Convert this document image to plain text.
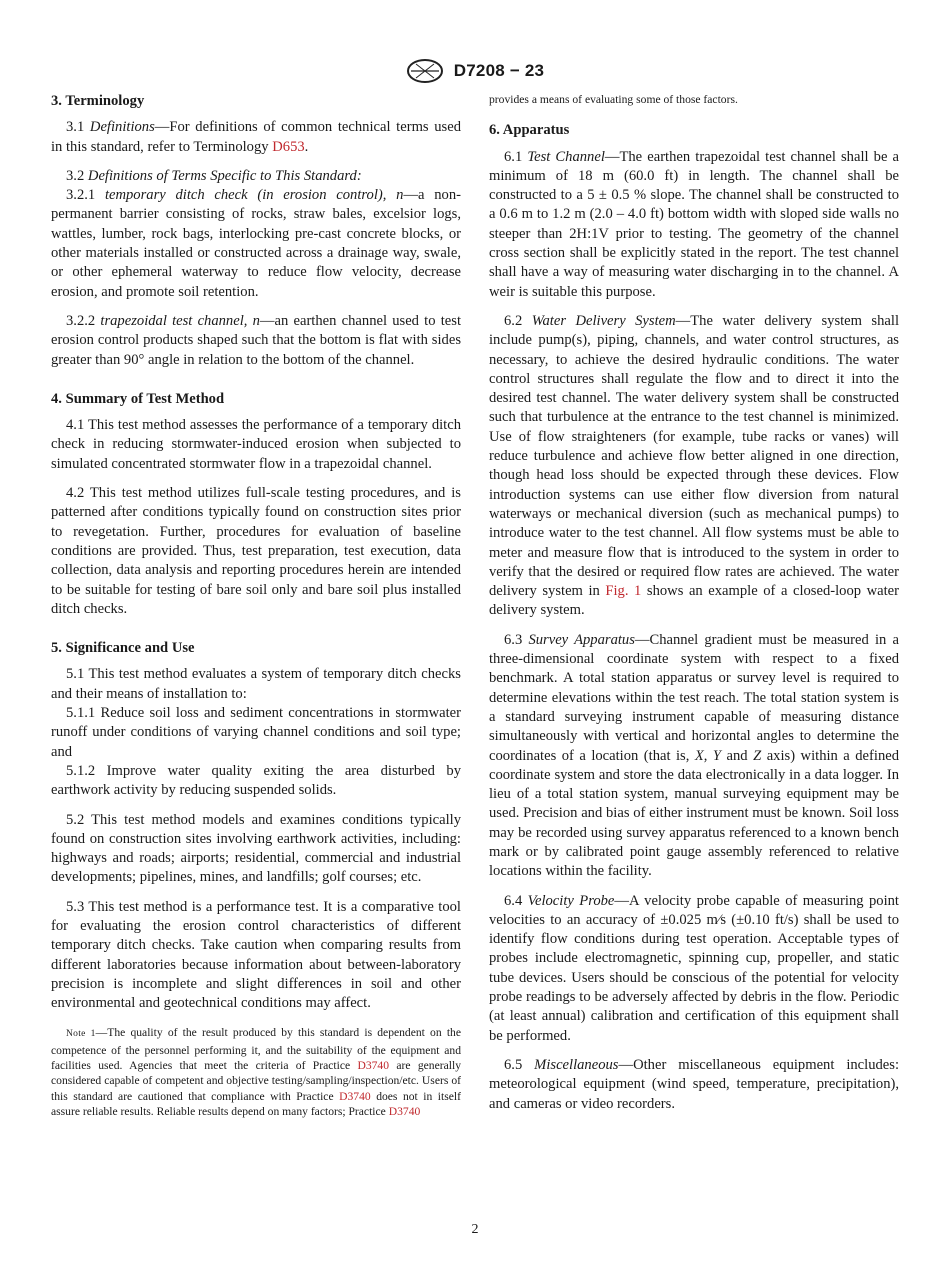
D7208 − 23
3. Terminology

3.1 Definitions—For definitions of common technical terms used in this standard, refer to Terminology D653.

3.2 Definitions of Terms Specific to This Standard:

3.2.1 temporary ditch check (in erosion control), n—a non-permanent barrier consisting of rocks, straw bales, excelsior logs, wattles, lumber, rock bags, interlocking pre-cast concrete blocks, or other materials installed or constructed across a drainage way, swale, or other ephemeral waterway to reduce flow velocity, decrease erosion, and promote soil retention.

3.2.2 trapezoidal test channel, n—an earthen channel used to test erosion control products shaped such that the bottom is flat with sides greater than 90° angle in relation to the bottom of the channel.

4. Summary of Test Method

4.1 This test method assesses the performance of a temporary ditch check in reducing stormwater-induced erosion when subjected to simulated concentrated stormwater flow in a trapezoidal channel.

4.2 This test method utilizes full-scale testing procedures, and is patterned after conditions typically found on construction sites prior to revegetation. Further, procedures for evaluation of baseline conditions are provided. Thus, test preparation, test execution, data collection, data analysis and reporting procedures herein are intended to be suitable for testing of bare soil only and bare soil plus installed ditch checks.

5. Significance and Use

5.1 This test method evaluates a system of temporary ditch checks and their means of installation to:

5.1.1 Reduce soil loss and sediment concentrations in stormwater runoff under conditions of varying channel conditions and soil type; and

5.1.2 Improve water quality exiting the area disturbed by earthwork activity by reducing suspended solids.

5.2 This test method models and examines conditions typically found on construction sites involving earthwork activities, including: highways and roads; airports; residential, commercial and industrial developments; pipelines, mines, and landfills; golf courses; etc.

5.3 This test method is a performance test. It is a comparative tool for evaluating the erosion control characteristics of different temporary ditch checks. Take caution when comparing results from different laboratories because information about between-laboratory precision is incomplete and slight differences in soil and other environmental and geotechnical conditions may affect.

Note 1—The quality of the result produced by this standard is dependent on the competence of the personnel performing it, and the suitability of the equipment and facilities used. Agencies that meet the criteria of Practice D3740 are generally considered capable of competent and objective testing/sampling/inspection/etc. Users of this standard are cautioned that compliance with Practice D3740 does not in itself assure reliable results. Reliable results depend on many factors; Practice D3740

provides a means of evaluating some of those factors.

6. Apparatus

6.1 Test Channel—The earthen trapezoidal test channel shall be a minimum of 18 m (60.0 ft) in length. The channel shall be constructed to a 5 ± 0.5 % slope. The channel shall be constructed to a 0.6 m to 1.2 m (2.0 – 4.0 ft) bottom width with sloped side walls no steeper than 2H:1V prior to testing. The geometry of the channel cross section shall be explicitly stated in the report. The test channel shall have a way of measuring water discharging in to the channel. A weir is suitable this purpose.

6.2 Water Delivery System—The water delivery system shall include pump(s), piping, channels, and water control structures, as necessary, to achieve the desired hydraulic conditions. The water control structures shall regulate the flow and to direct it into the desired test channel. The water delivery system shall be constructed such that turbulence at the entrance to the test channel is minimized. Use of flow straighteners (for example, tube racks or vanes) will reduce turbulence and achieve flow better aligned in one direction, though head loss should be expected through these devices. Flow introduction systems can use either flow diversion from natural waterways or mechanical diversion (such as mechanical pumps) to introduce water to the test channel. All flow systems must be able to meter and measure flow that is introduced to the system in order to verify that the desired or required flow rates are achieved. The water delivery system in Fig. 1 shows an example of a closed-loop water delivery system.

6.3 Survey Apparatus—Channel gradient must be measured in a three-dimensional coordinate system with respect to a fixed benchmark. A total station apparatus or survey level is required to determine elevations within the test reach. The total station system is a standard surveying instrument capable of measuring distance simultaneously with vertical and horizontal angles to determine the coordinates of a location (that is, X, Y and Z axis) within a defined coordinate system and store the data electronically in a data logger. In lieu of a total station system, manual surveying equipment may be used. Precision and bias of either instrument must be known. Soil loss may be recorded using survey apparatus referenced to a known bench mark or by calibrated point gauge assembly referenced to relative locations within the facility.

6.4 Velocity Probe—A velocity probe capable of measuring point velocities to an accuracy of ±0.025 m⁄s (±0.10 ft/s) shall be used to identify flow conditions during test operation. Acceptable types of probes include electromagnetic, spinning cup, propeller, and static tube devices. Users should be conscious of the potential for velocity probe readings to be adversely affected by debris in the flow. Periodic (at least annual) calibration and certification of this equipment shall be performed.

6.5 Miscellaneous—Other miscellaneous equipment includes: meteorological equipment (wind speed, temperature, precipitation), and cameras or video recorders.

2
